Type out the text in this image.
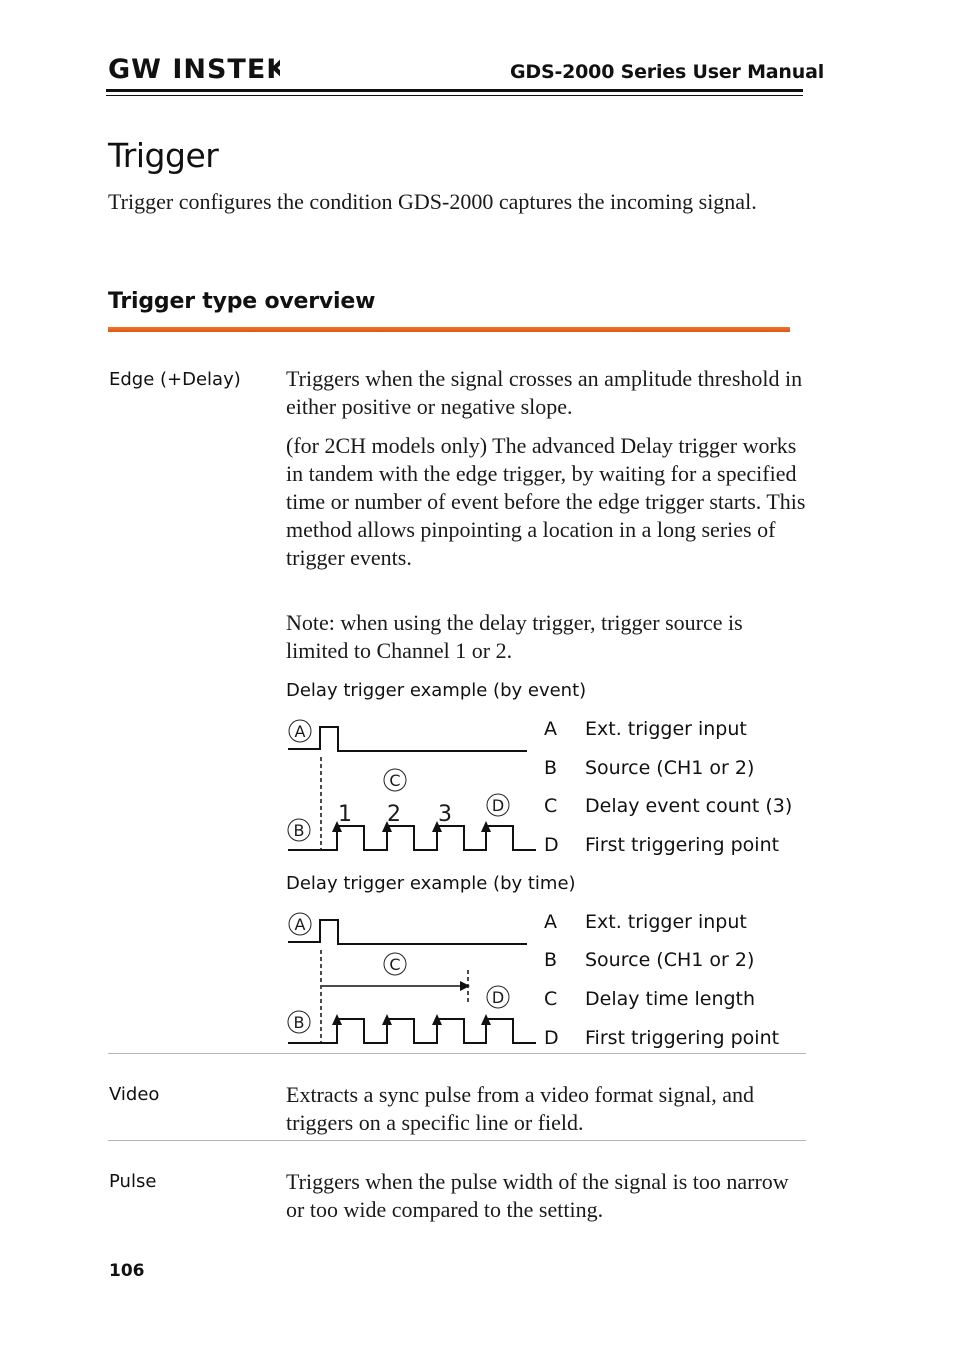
GW INSTEK	GDS-2000 Series User Manual
Trigger

Trigger configures the condition GDS-2000 captures the incoming signal.

Trigger type overview
Edge (+Delay) Triggers when the signal crosses an amplitude threshold in either positive or negative slope.

(for 2CH models only) The advanced Delay trigger works in tandem with the edge trigger, by waiting for a specified time or number of event before the edge trigger starts. This method allows pinpointing a location in a long series of trigger events.

Note: when using the delay trigger, trigger source is limited to Channel 1 or 2.

Delay trigger example (by event)
A
C
D
1 2 3
B
A Ext. trigger input
B Source (CH1 or 2)
C Delay event count (3)
D First triggering point
Delay trigger example (by time)
A
C
D
B
A Ext. trigger input
B Source (CH1 or 2)
C Delay time length
D First triggering point
Video	Extracts a sync pulse from a video format signal, and triggers on a specific line or field.

Pulse	Triggers when the pulse width of the signal is too narrow or too wide compared to the setting.

106
